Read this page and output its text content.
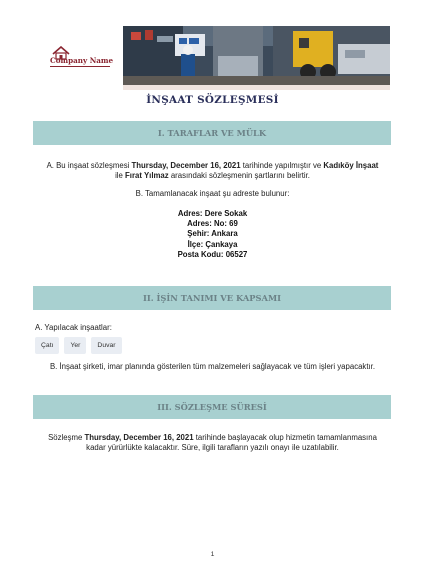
Company Name
İNŞAAT SÖZLEŞMESİ
I. TARAFLAR VE MÜLK
A. Bu inşaat sözleşmesi Thursday, December 16, 2021 tarihinde yapılmıştır ve Kadıköy İnşaat
ile Fırat Yılmaz arasındaki sözleşmenin şartlarını belirtir.
B. Tamamlanacak inşaat şu adreste bulunur:
Adres: Dere Sokak
Adres: No: 69
Şehir: Ankara
İlçe: Çankaya
Posta Kodu: 06527
II. İŞİN TANIMI VE KAPSAMI
A. Yapılacak inşaatlar:
Çatı	Yer	Duvar
B. İnşaat şirketi, imar planında gösterilen tüm malzemeleri sağlayacak ve tüm işleri yapacaktır.
III. SÖZLEŞME SÜRESİ
Sözleşme Thursday, December 16, 2021 tarihinde başlayacak olup hizmetin tamamlanmasına
kadar yürürlükte kalacaktır. Süre, ilgili tarafların yazılı onayı ile uzatılabilir.
1
